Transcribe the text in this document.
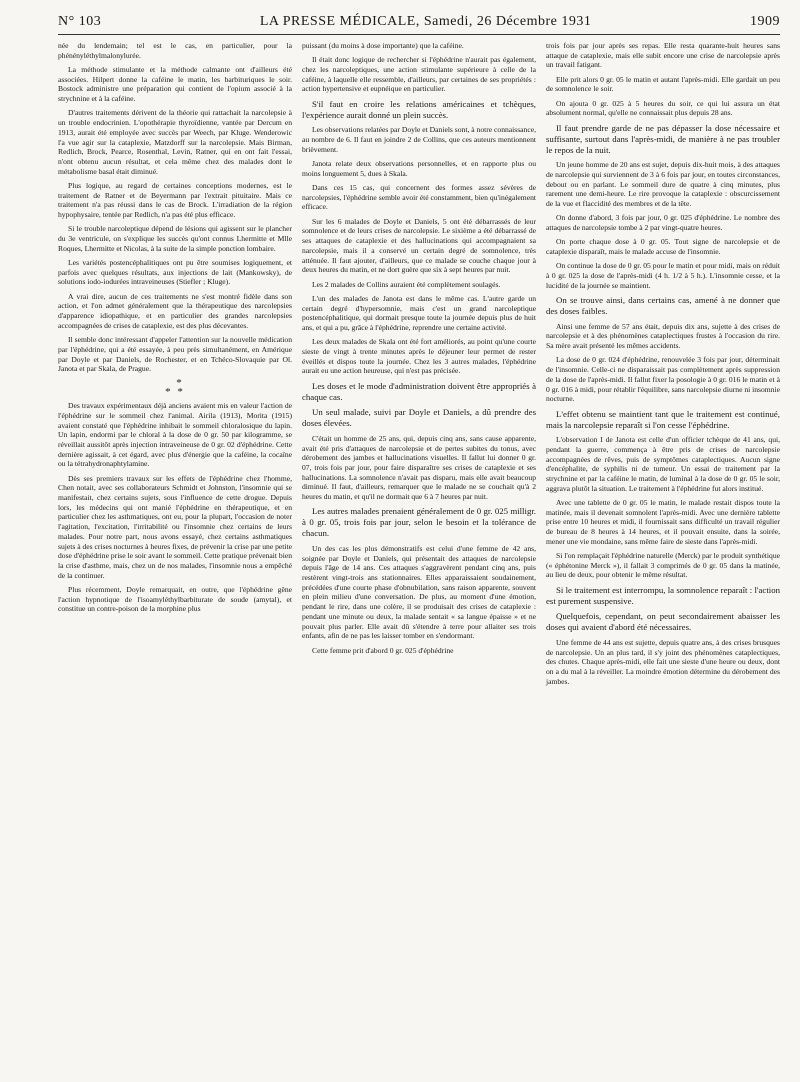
N° 103	LA PRESSE MÉDICALE, Samedi, 26 Décembre 1931	1909

née du lendemain; tel est le cas, en particulier, pour la phénényléthylmalonylurée.

La méthode stimulante et la méthode calmante ont d'ailleurs été associées. Hilpert donne la caféine le matin, les barbituriques le soir. Bostock administre une préparation qui contient de l'opium associé à la strychnine et à la caféine.

D'autres traitements dérivent de la théorie qui rattachait la narcolepsie à un trouble endocrinien. L'opothérapie thyroïdienne, vantée par Dercum en 1913, aurait été employée avec succès par Weech, par Kluge. Wenderowic l'a vue agir sur la cataplexie, Matzdorff sur la narcolepsie. Mais Birman, Redlich, Brock, Pearce, Rosenthal, Levin, Ratner, qui en ont fait l'essai, n'ont obtenu aucun résultat, et cela même chez des malades dont le métabolisme basal était diminué.

Plus logique, au regard de certaines conceptions modernes, est le traitement de Ratner et de Beyermann par l'extrait pituitaire. Mais ce traitement n'a pas réussi dans le cas de Brock. L'irradiation de la région hypophysaire, tentée par Redlich, n'a pas été plus efficace.

Si le trouble narcoleptique dépend de lésions qui agissent sur le plancher du 3e ventricule, on s'explique les succès qu'ont connus Lhermitte et Mlle Roques, Lhermitte et Nicolas, à la suite de la simple ponction lombaire.

Les variétés postencéphalitiques ont pu être soumises logiquement, et parfois avec quelques résultats, aux injections de lait (Mankowsky), de solutions iodo-iodurées intraveineuses (Stiefler ; Kluge).

A vrai dire, aucun de ces traitements ne s'est montré fidèle dans son action, et l'on admet généralement que la thérapeutique des narcolepsies d'apparence idiopathique, et en particulier des grandes narcolepsies accompagnées de crises de cataplexie, est des plus décevantes.

Il semble donc intéressant d'appeler l'attention sur la nouvelle médication par l'éphédrine, qui a été essayée, à peu près simultanément, en Amérique par Doyle et par Daniels, de Rochester, et en Tchéco-Slovaquie par Ol. Janota et par Skala, de Prague.

*
* *

Des travaux expérimentaux déjà anciens avaient mis en valeur l'action de l'éphédrine sur le sommeil chez l'animal. Airila (1913), Morita (1915) avaient constaté que l'éphédrine inhibait le sommeil chloralosique du lapin. Un lapin, endormi par le chloral à la dose de 0 gr. 50 par kilogramme, se réveillait aussitôt après injection intraveineuse de 0 gr. 02 d'éphédrine. Cette dernière agissait, à cet égard, avec plus d'énergie que la caféine, la cocaïne ou la tétrahydronaphtylamine.

Dès ses premiers travaux sur les effets de l'éphédrine chez l'homme, Chen notait, avec ses collaborateurs Schmidt et Johnston, l'insomnie qui se manifestait, chez certains sujets, sous l'influence de cette drogue. Depuis lors, les médecins qui ont manié l'éphédrine en thérapeutique, et en particulier chez les asthmatiques, ont eu, pour la plupart, l'occasion de noter l'agitation, l'excitation, l'irritabilité ou l'insomnie chez certains de leurs malades. Pour notre part, nous avons essayé, chez certains asthmatiques sujets à des crises nocturnes à heures fixes, de prévenir la crise par une petite dose d'éphédrine prise le soir avant le sommeil. Cette pratique prévenait bien la crise d'asthme, mais, chez un de nos malades, l'insomnie nous a empêché de la continuer.

Plus récemment, Doyle remarquait, en outre, que l'éphédrine gêne l'action hypnotique de l'isoamyléthylbarbiturate de soude (amytal), et constitue un contre-poison de la morphine plus

puissant (du moins à dose importante) que la caféine.

Il était donc logique de rechercher si l'éphédrine n'aurait pas également, chez les narcoleptiques, une action stimulante supérieure à celle de la caféine, à laquelle elle ressemble, d'ailleurs, par certaines de ses propriétés : action hypertensive et eupnéique en particulier.

S'il faut en croire les relations américaines et tchèques, l'expérience aurait donné un plein succès.

Les observations relatées par Doyle et Daniels sont, à notre connaissance, au nombre de 6. Il faut en joindre 2 de Collins, que ces auteurs mentionnent brièvement.

Janota relate deux observations personnelles, et en rapporte plus ou moins longuement 5, dues à Skala.

Dans ces 15 cas, qui concernent des formes assez sévères de narcolepsies, l'éphédrine semble avoir été constamment, bien qu'inégalement efficace.

Sur les 6 malades de Doyle et Daniels, 5 ont été débarrassés de leur somnolence et de leurs crises de narcolepsie. Le sixième a été débarrassé de ses attaques de cataplexie et des hallucinations qui accompagnaient sa narcolepsie, mais il a conservé un certain degré de somnolence, très atténuée. Il faut ajouter, d'ailleurs, que ce malade se couche chaque jour à deux heures du matin, et ne dort guère que six à sept heures par nuit.

Les 2 malades de Collins auraient été complètement soulagés.

L'un des malades de Janota est dans le même cas. L'autre garde un certain degré d'hypersomnie, mais c'est un grand narcoleptique postencéphalitique, qui dormait presque toute la journée depuis plus de huit ans, et qui a pu, grâce à l'éphédrine, reprendre une certaine activité.

Les deux malades de Skala ont été fort améliorés, au point qu'une courte sieste de vingt à trente minutes après le déjeuner leur permet de rester éveillés et dispos toute la journée. Chez les 3 autres malades, l'éphédrine aurait eu une action heureuse, qui n'est pas précisée.

Les doses et le mode d'administration doivent être appropriés à chaque cas.

Un seul malade, suivi par Doyle et Daniels, a dû prendre des doses élevées.

C'était un homme de 25 ans, qui, depuis cinq ans, sans cause apparente, avait été pris d'attaques de narcolepsie et de pertes subites du tonus, avec dérobement des jambes et hallucinations visuelles. Il fallut lui donner 0 gr. 07, trois fois par jour, pour faire disparaître ses crises de cataplexie et ses hallucinations. La somnolence n'avait pas disparu, mais elle avait beaucoup diminué. Il faut, d'ailleurs, remarquer que le malade ne se couchait qu'à 2 heures du matin, et qu'il ne dormait que 6 à 7 heures par nuit.

Les autres malades prenaient généralement de 0 gr. 025 milligr. à 0 gr. 05, trois fois par jour, selon le besoin et la tolérance de chacun.

Un des cas les plus démonstratifs est celui d'une femme de 42 ans, soignée par Doyle et Daniels, qui présentait des attaques de narcolepsie depuis l'âge de 14 ans. Ces attaques s'aggravèrent pendant cinq ans, puis restèrent vingt-trois ans stationnaires. Elles apparaissaient soudainement, précédées d'une courte phase d'obnubilation, sans raison apparente, souvent en plein milieu d'une conversation. De plus, au moment d'une émotion, pendant le rire, dans une colère, il se produisait des crises de cataplexie : pendant une minute ou deux, la malade sentait « sa langue épaisse » et ne pouvait plus parler. Elle avait dû s'étendre à terre pour allaiter ses trois enfants, afin de ne pas les laisser tomber en s'endormant.

Cette femme prit d'abord 0 gr. 025 d'éphédrine

trois fois par jour après ses repas. Elle resta quarante-huit heures sans attaque de cataplexie, mais elle subit encore une crise de narcolepsie après un travail fatigant.

Elle prit alors 0 gr. 05 le matin et autant l'après-midi. Elle gardait un peu de somnolence le soir.

On ajouta 0 gr. 025 à 5 heures du soir, ce qui lui assura un état absolument normal, qu'elle ne connaissait plus depuis 28 ans.

Il faut prendre garde de ne pas dépasser la dose nécessaire et suffisante, surtout dans l'après-midi, de manière à ne pas troubler le repos de la nuit.

Un jeune homme de 20 ans est sujet, depuis dix-huit mois, à des attaques de narcolepsie qui surviennent de 3 à 6 fois par jour, en toutes circonstances, debout ou en parlant. Le sommeil dure de quatre à cinq minutes, plus rarement une demi-heure. Le rire provoque la cataplexie : obscurcissement de la vue et flaccidité des membres et de la tête.

On donne d'abord, 3 fois par jour, 0 gr. 025 d'éphédrine. Le nombre des attaques de narcolepsie tombe à 2 par vingt-quatre heures.

On porte chaque dose à 0 gr. 05. Tout signe de narcolepsie et de cataplexie disparaît, mais le malade accuse de l'insomnie.

On continue la dose de 0 gr. 05 pour le matin et pour midi, mais on réduit à 0 gr. 025 la dose de l'après-midi (4 h. 1/2 à 5 h.). L'insomnie cesse, et la lucidité de la journée se maintient.

On se trouve ainsi, dans certains cas, amené à ne donner que des doses faibles.

Ainsi une femme de 57 ans était, depuis dix ans, sujette à des crises de narcolepsie et à des phénomènes cataplectiques frustes à l'occasion du rire. Sa mère avait présenté les mêmes accidents.

La dose de 0 gr. 024 d'éphédrine, renouvelée 3 fois par jour, déterminait de l'insomnie. Celle-ci ne disparaissait pas complètement après suppression de la dose de l'après-midi. Il fallut fixer la posologie à 0 gr. 016 le matin et à 0 gr. 016 à midi, pour rétablir l'équilibre, sans narcolepsie diurne ni insomnie nocturne.

L'effet obtenu se maintient tant que le traitement est continué, mais la narcolepsie reparaît si l'on cesse l'éphédrine.

L'observation I de Janota est celle d'un officier tchèque de 41 ans, qui, pendant la guerre, commença à être pris de crises de narcolepsie accompagnées de rêves, puis de symptômes cataplectiques. Aucun signe d'encéphalite, de syphilis ni de tumeur. Un essai de traitement par la strychnine et par la caféine le matin, de luminal à la dose de 0 gr. 05 le soir, aggrava plutôt la situation. Le traitement à l'éphédrine fut alors institué.

Avec une tablette de 0 gr. 05 le matin, le malade restait dispos toute la matinée, mais il devenait somnolent l'après-midi. Avec une dernière tablette prise entre 10 heures et midi, il fournissait sans difficulté un travail régulier de bureau de 8 heures à 14 heures, et il pouvait ensuite, dans la soirée, mener une vie mondaine, sans même faire de sieste dans l'après-midi.

Si l'on remplaçait l'éphédrine naturelle (Merck) par le produit synthétique (« éphétonine Merck »), il fallait 3 comprimés de 0 gr. 05 dans la matinée, au lieu de deux, pour obtenir le même résultat.

Si le traitement est interrompu, la somnolence reparaît : l'action est purement suspensive.

Quelquefois, cependant, on peut secondairement abaisser les doses qui avaient d'abord été nécessaires.

Une femme de 44 ans est sujette, depuis quatre ans, à des crises brusques de narcolepsie. Un an plus tard, il s'y joint des phénomènes cataplectiques, des chutes. Chaque après-midi, elle fait une sieste d'une heure ou deux, dont on a du mal à la réveiller. La moindre émotion détermine du dérobement des jambes.
